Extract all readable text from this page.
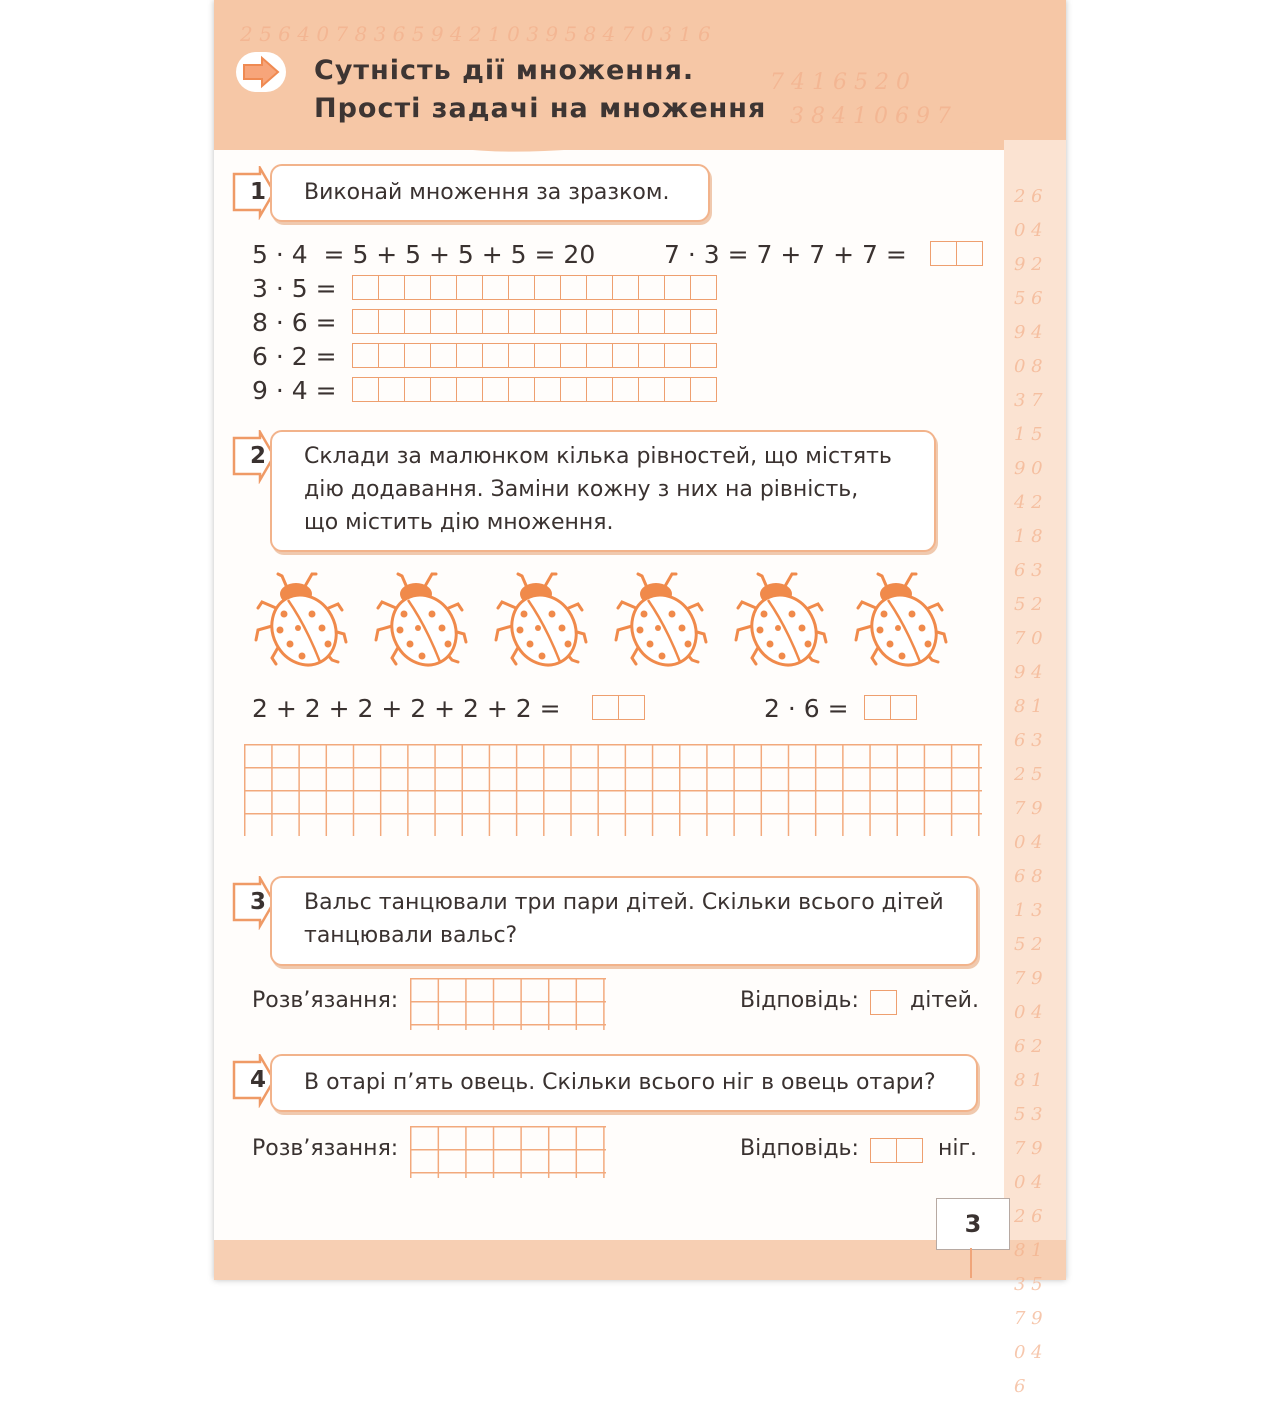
2 5 6 4 0 7 8 3 6 5 9 4 2 1 0 3 9 5 8 4 7 0 3 1 6
7 4 1 6 5 2 0
3 8 4 1 0 6 9 7
2 6 0 4 9 2 5 6 9 4 0 8 3 7 1 5 9 0 4 2 1 8 6 3 5 2 7 0 9 4 8 1 6 3 2 5 7 9 0 4 6 8 1 3 5 2 7 9 0 4 6 2 8 1 5 3 7 9 0 4 2 6 8 1 3 5 7 9 0 4 6
Сутність дії множення.
Прості задачі на множення
1	Виконай множення за зразком.
5 · 4  = 5 + 5 + 5 + 5 = 20	7 · 3 = 7 + 7 + 7 =
3 · 5 =
8 · 6 =
6 · 2 =
9 · 4 =
2	Склади за малюнком кілька рівностей, що містять
дію додавання. Заміни кожну з них на рівність,
що містить дію множення.
2 + 2 + 2 + 2 + 2 + 2 =	2 · 6 =
3	Вальс танцювали три пари дітей. Скільки всього дітей
танцювали вальс?
Розв’язання:	Відповідь: дітей.
4	В отарі п’ять овець. Скільки всього ніг в овець отари?
Розв’язання:	Відповідь:	ніг.
3
